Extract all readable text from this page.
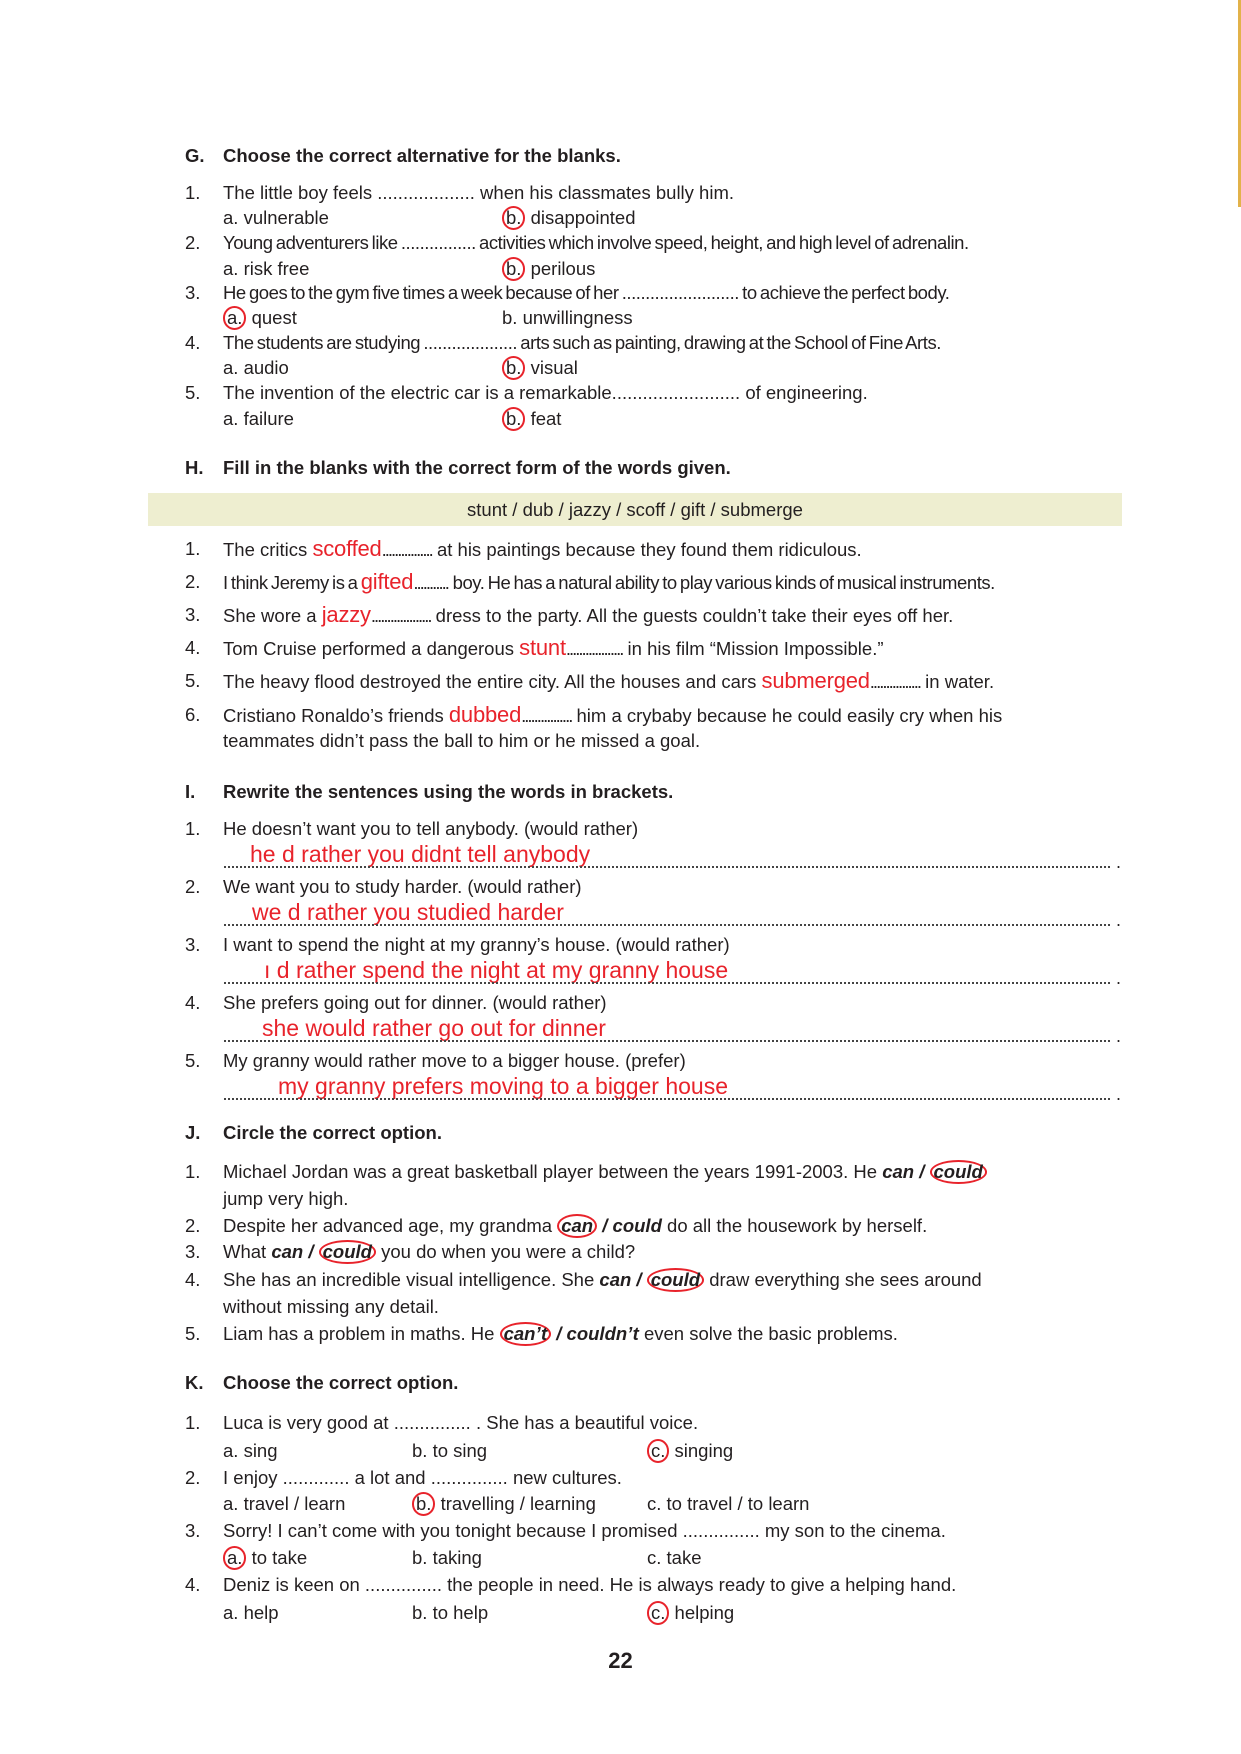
G. Choose the correct alternative for the blanks.
1. The little boy feels ................... when his classmates bully him.
a. vulnerable	b. disappointed
2. Young adventurers like ................ activities which involve speed, height, and high level of adrenalin.
a. risk free	b. perilous
3. He goes to the gym five times a week because of her ......................... to achieve the perfect body.
a. quest	b. unwillingness
4. The students are studying .................... arts such as painting, drawing at the School of Fine Arts.
a. audio	b. visual
5. The invention of the electric car is a remarkable......................... of engineering.
a. failure	b. feat
H. Fill in the blanks with the correct form of the words given.
stunt / dub / jazzy / scoff / gift / submerge
1. The critics scoffed................ at his paintings because they found them ridiculous.
2. I think Jeremy is a gifted........... boy. He has a natural ability to play various kinds of musical instruments.
3. She wore a jazzy................... dress to the party. All the guests couldn’t take their eyes off her.
4. Tom Cruise performed a dangerous stunt.................. in his film “Mission Impossible.”
5. The heavy flood destroyed the entire city. All the houses and cars submerged................ in water.
6. Cristiano Ronaldo’s friends dubbed................ him a crybaby because he could easily cry when his
teammates didn’t pass the ball to him or he missed a goal.
I. Rewrite the sentences using the words in brackets.
1. He doesn’t want you to tell anybody. (would rather)
he d rather you didnt tell anybody	.
2. We want you to study harder. (would rather)
we d rather you studied harder	.
3. I want to spend the night at my granny’s house. (would rather)
ı d rather spend the night at my granny house	.
4. She prefers going out for dinner. (would rather)
she would rather go out for dinner	.
5. My granny would rather move to a bigger house. (prefer)
my granny prefers moving to a bigger house	.
J. Circle the correct option.
1. Michael Jordan was a great basketball player between the years 1991-2003. He can / could
jump very high.
2. Despite her advanced age, my grandma can / could do all the housework by herself.
3. What can / could you do when you were a child?
4. She has an incredible visual intelligence. She can / could draw everything she sees around
without missing any detail.
5. Liam has a problem in maths. He can’t / couldn’t even solve the basic problems.
K. Choose the correct option.
1. Luca is very good at ............... . She has a beautiful voice.
a. sing	b. to sing	c. singing
2. I enjoy ............. a lot and ............... new cultures.
a. travel / learn	b. travelling / learning	c. to travel / to learn
3. Sorry! I can’t come with you tonight because I promised ............... my son to the cinema.
a. to take	b. taking	c. take
4. Deniz is keen on ............... the people in need. He is always ready to give a helping hand.
a. help	b. to help	c. helping
22
